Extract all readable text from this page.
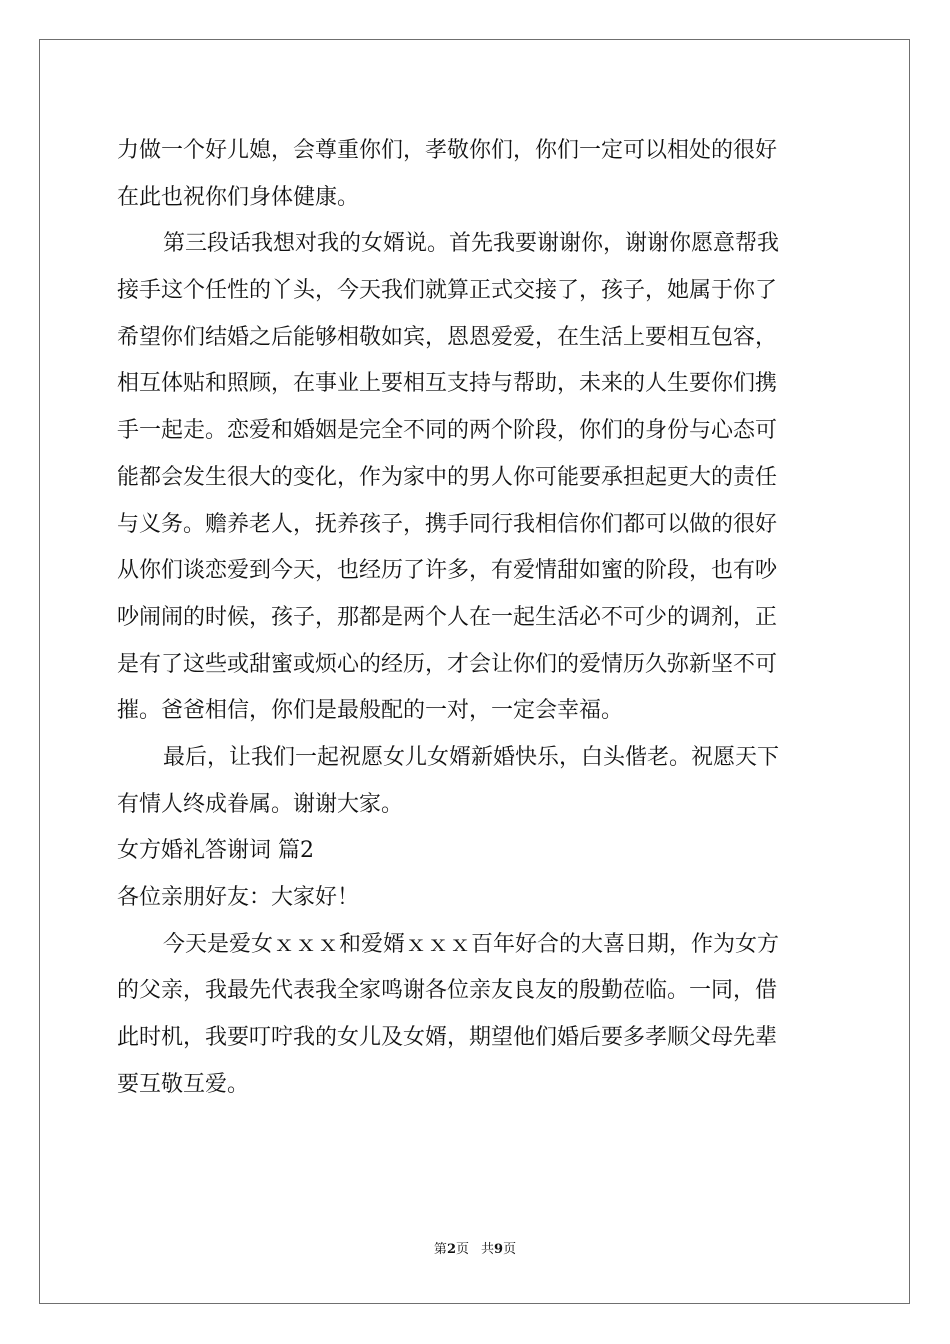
力做一个好儿媳，会尊重你们，孝敬你们，你们一定可以相处的很好
在此也祝你们身体健康。
第三段话我想对我的女婿说。首先我要谢谢你，谢谢你愿意帮我
接手这个任性的丫头，今天我们就算正式交接了，孩子，她属于你了
希望你们结婚之后能够相敬如宾，恩恩爱爱，在生活上要相互包容，
相互体贴和照顾，在事业上要相互支持与帮助，未来的人生要你们携
手一起走。恋爱和婚姻是完全不同的两个阶段，你们的身份与心态可
能都会发生很大的变化，作为家中的男人你可能要承担起更大的责任
与义务。赡养老人，抚养孩子，携手同行我相信你们都可以做的很好
从你们谈恋爱到今天，也经历了许多，有爱情甜如蜜的阶段，也有吵
吵闹闹的时候，孩子，那都是两个人在一起生活必不可少的调剂，正
是有了这些或甜蜜或烦心的经历，才会让你们的爱情历久弥新坚不可
摧。爸爸相信，你们是最般配的一对，一定会幸福。
最后，让我们一起祝愿女儿女婿新婚快乐，白头偕老。祝愿天下
有情人终成眷属。谢谢大家。
女方婚礼答谢词 篇2
各位亲朋好友：大家好！
今天是爱女ｘｘｘ和爱婿ｘｘｘ百年好合的大喜日期，作为女方
的父亲，我最先代表我全家鸣谢各位亲友良友的殷勤莅临。一同，借
此时机，我要叮咛我的女儿及女婿，期望他们婚后要多孝顺父母先辈
要互敬互爱。
第2页 共9页
